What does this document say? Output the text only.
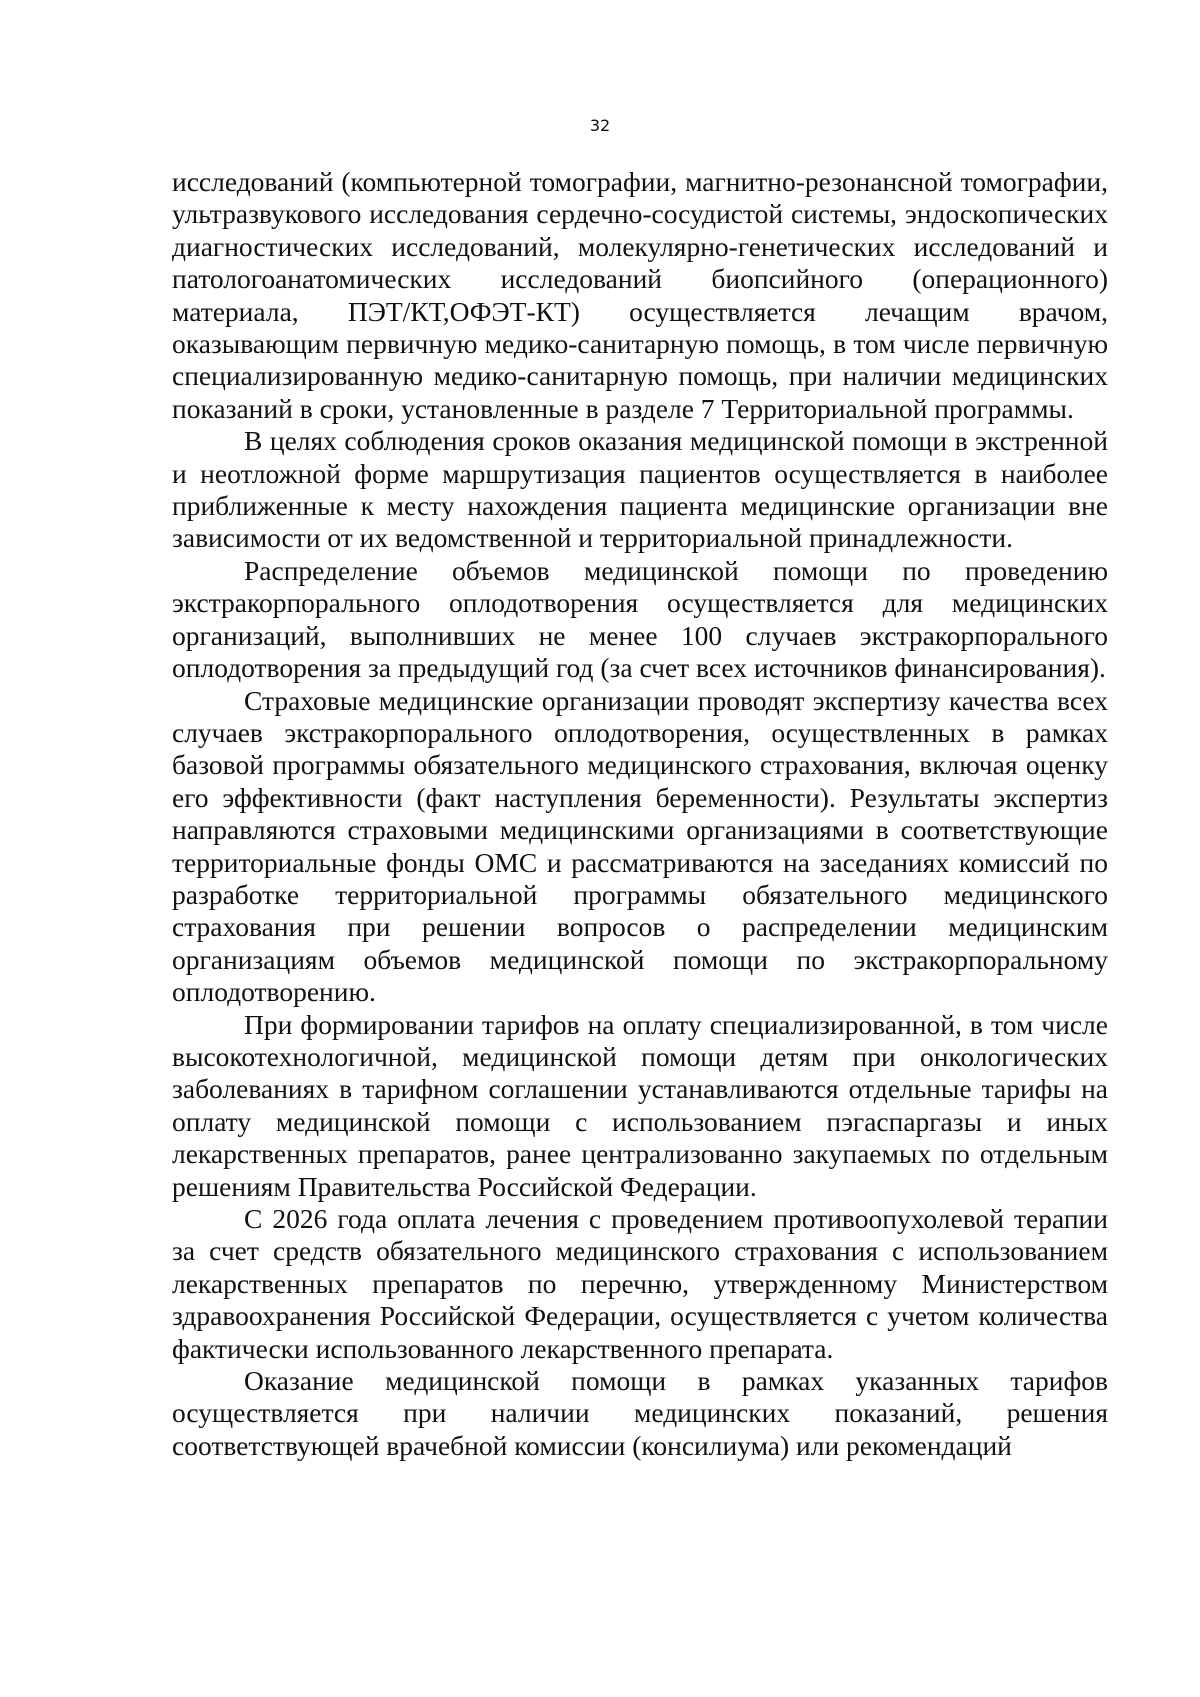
32

исследований (компьютерной томографии, магнитно-резонансной томографии, ультразвукового исследования сердечно-сосудистой системы, эндоскопических диагностических исследований, молекулярно-генетических исследований и патологоанатомических исследований биопсийного (операционного) материала, ПЭТ/КТ,ОФЭТ-КТ) осуществляется лечащим врачом, оказывающим первичную медико-санитарную помощь, в том числе первичную специализированную медико-санитарную помощь, при наличии медицинских показаний в сроки, установленные в разделе 7 Территориальной программы.

В целях соблюдения сроков оказания медицинской помощи в экстренной и неотложной форме маршрутизация пациентов осуществляется в наиболее приближенные к месту нахождения пациента медицинские организации вне зависимости от их ведомственной и территориальной принадлежности.

Распределение объемов медицинской помощи по проведению экстракорпорального оплодотворения осуществляется для медицинских организаций, выполнивших не менее 100 случаев экстракорпорального оплодотворения за предыдущий год (за счет всех источников финансирования).

Страховые медицинские организации проводят экспертизу качества всех случаев экстракорпорального оплодотворения, осуществленных в рамках базовой программы обязательного медицинского страхования, включая оценку его эффективности (факт наступления беременности). Результаты экспертиз направляются страховыми медицинскими организациями в соответствующие территориальные фонды ОМС и рассматриваются на заседаниях комиссий по разработке территориальной программы обязательного медицинского страхования при решении вопросов о распределении медицинским организациям объемов медицинской помощи по экстракорпоральному оплодотворению.

При формировании тарифов на оплату специализированной, в том числе высокотехнологичной, медицинской помощи детям при онкологических заболеваниях в тарифном соглашении устанавливаются отдельные тарифы на оплату медицинской помощи с использованием пэгаспаргазы и иных лекарственных препаратов, ранее централизованно закупаемых по отдельным решениям Правительства Российской Федерации.

С 2026 года оплата лечения с проведением противоопухолевой терапии за счет средств обязательного медицинского страхования с использованием лекарственных препаратов по перечню, утвержденному Министерством здравоохранения Российской Федерации, осуществляется с учетом количества фактически использованного лекарственного препарата.

Оказание медицинской помощи в рамках указанных тарифов осуществляется при наличии медицинских показаний, решения соответствующей врачебной комиссии (консилиума) или рекомендаций
